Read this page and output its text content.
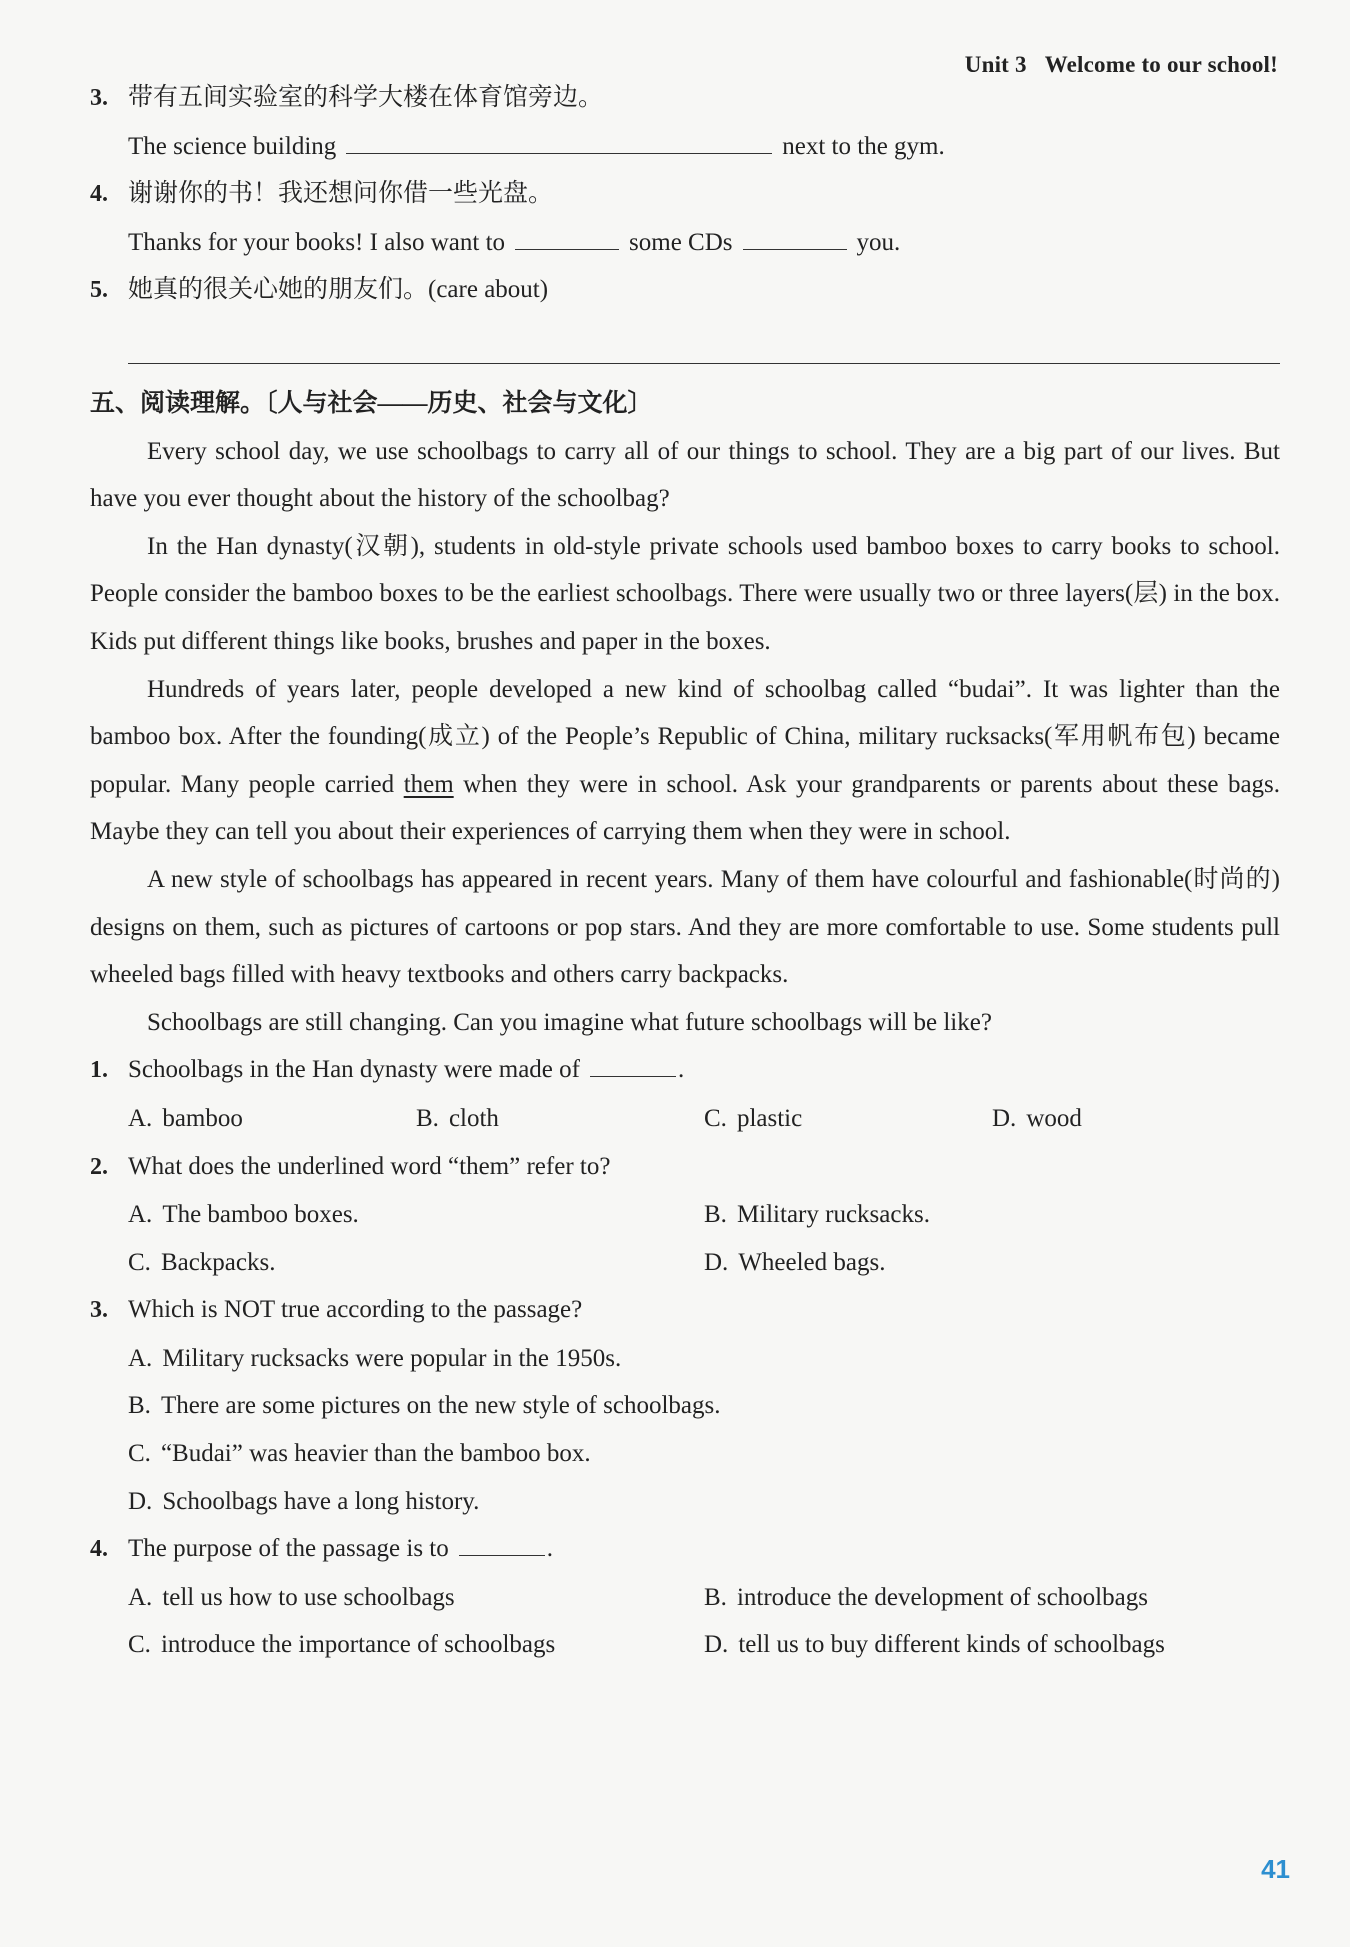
Unit 3 Welcome to our school!
3. 带有五间实验室的科学大楼在体育馆旁边。
The science building	next to the gym.
4. 谢谢你的书！我还想问你借一些光盘。
Thanks for your books! I also want to	some CDs	you.
5. 她真的很关心她的朋友们。(care about)
五、阅读理解。〔人与社会——历史、社会与文化〕

Every school day, we use schoolbags to carry all of our things to school. They are a big part of our lives. But have you ever thought about the history of the schoolbag?

In the Han dynasty(汉朝), students in old-style private schools used bamboo boxes to carry books to school. People consider the bamboo boxes to be the earliest schoolbags. There were usually two or three layers(层) in the box. Kids put different things like books, brushes and paper in the boxes.

Hundreds of years later, people developed a new kind of schoolbag called “budai”. It was lighter than the bamboo box. After the founding(成立) of the People’s Republic of China, military rucksacks(军用帆布包) became popular. Many people carried them when they were in school. Ask your grandparents or parents about these bags. Maybe they can tell you about their experiences of carrying them when they were in school.

A new style of schoolbags has appeared in recent years. Many of them have colourful and fashionable(时尚的) designs on them, such as pictures of cartoons or pop stars. And they are more comfortable to use. Some students pull wheeled bags filled with heavy textbooks and others carry backpacks.

Schoolbags are still changing. Can you imagine what future schoolbags will be like?

1. Schoolbags in the Han dynasty were made of	.
A. bamboo	B. cloth	C. plastic	D. wood
2. What does the underlined word “them” refer to?
A. The bamboo boxes.	B. Military rucksacks.
C. Backpacks.	D. Wheeled bags.
3. Which is NOT true according to the passage?
A. Military rucksacks were popular in the 1950s.
B. There are some pictures on the new style of schoolbags.
C. “Budai” was heavier than the bamboo box.
D. Schoolbags have a long history.
4. The purpose of the passage is to	.
A. tell us how to use schoolbags	B. introduce the development of schoolbags
C. introduce the importance of schoolbags	D. tell us to buy different kinds of schoolbags
41
